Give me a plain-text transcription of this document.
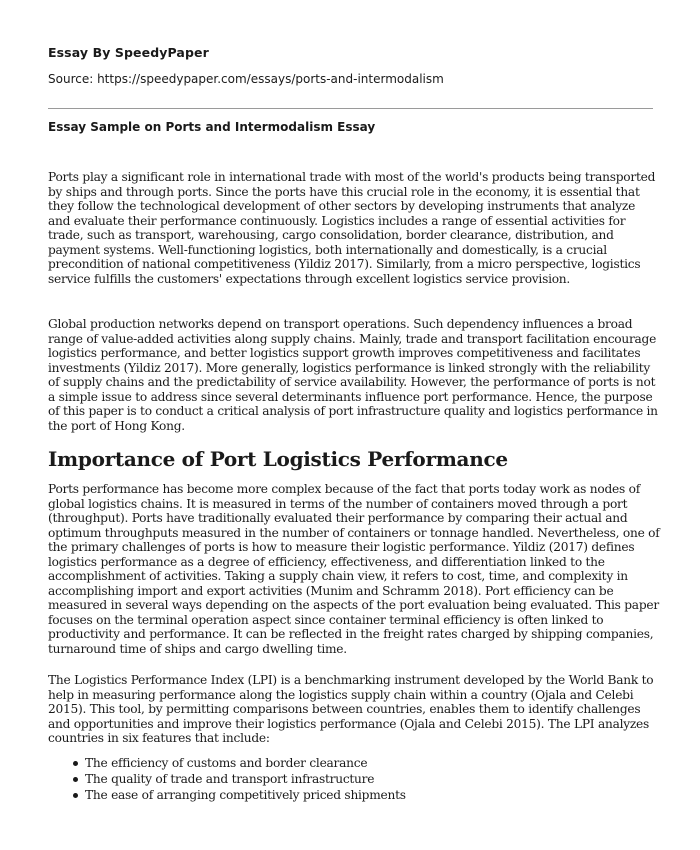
Essay By SpeedyPaper
Source: https://speedypaper.com/essays/ports-and-intermodalism
Essay Sample on Ports and Intermodalism Essay

Ports play a significant role in international trade with most of the world's products being transported by ships and through ports. Since the ports have this crucial role in the economy, it is essential that they follow the technological development of other sectors by developing instruments that analyze and evaluate their performance continuously. Logistics includes a range of essential activities for trade, such as transport, warehousing, cargo consolidation, border clearance, distribution, and payment systems. Well-functioning logistics, both internationally and domestically, is a crucial precondition of national competitiveness (Yildiz 2017). Similarly, from a micro perspective, logistics service fulfills the customers' expectations through excellent logistics service provision.

Global production networks depend on transport operations. Such dependency influences a broad range of value-added activities along supply chains. Mainly, trade and transport facilitation encourage logistics performance, and better logistics support growth improves competitiveness and facilitates investments (Yildiz 2017). More generally, logistics performance is linked strongly with the reliability of supply chains and the predictability of service availability. However, the performance of ports is not a simple issue to address since several determinants influence port performance. Hence, the purpose of this paper is to conduct a critical analysis of port infrastructure quality and logistics performance in the port of Hong Kong.

Importance of Port Logistics Performance

Ports performance has become more complex because of the fact that ports today work as nodes of global logistics chains. It is measured in terms of the number of containers moved through a port (throughput). Ports have traditionally evaluated their performance by comparing their actual and optimum throughputs measured in the number of containers or tonnage handled. Nevertheless, one of the primary challenges of ports is how to measure their logistic performance. Yildiz (2017) defines logistics performance as a degree of efficiency, effectiveness, and differentiation linked to the accomplishment of activities. Taking a supply chain view, it refers to cost, time, and complexity in accomplishing import and export activities (Munim and Schramm 2018). Port efficiency can be measured in several ways depending on the aspects of the port evaluation being evaluated. This paper focuses on the terminal operation aspect since container terminal efficiency is often linked to productivity and performance. It can be reflected in the freight rates charged by shipping companies, turnaround time of ships and cargo dwelling time.

The Logistics Performance Index (LPI) is a benchmarking instrument developed by the World Bank to help in measuring performance along the logistics supply chain within a country (Ojala and Celebi 2015). This tool, by permitting comparisons between countries, enables them to identify challenges and opportunities and improve their logistics performance (Ojala and Celebi 2015). The LPI analyzes countries in six features that include:

The efficiency of customs and border clearance
The quality of trade and transport infrastructure
The ease of arranging competitively priced shipments
